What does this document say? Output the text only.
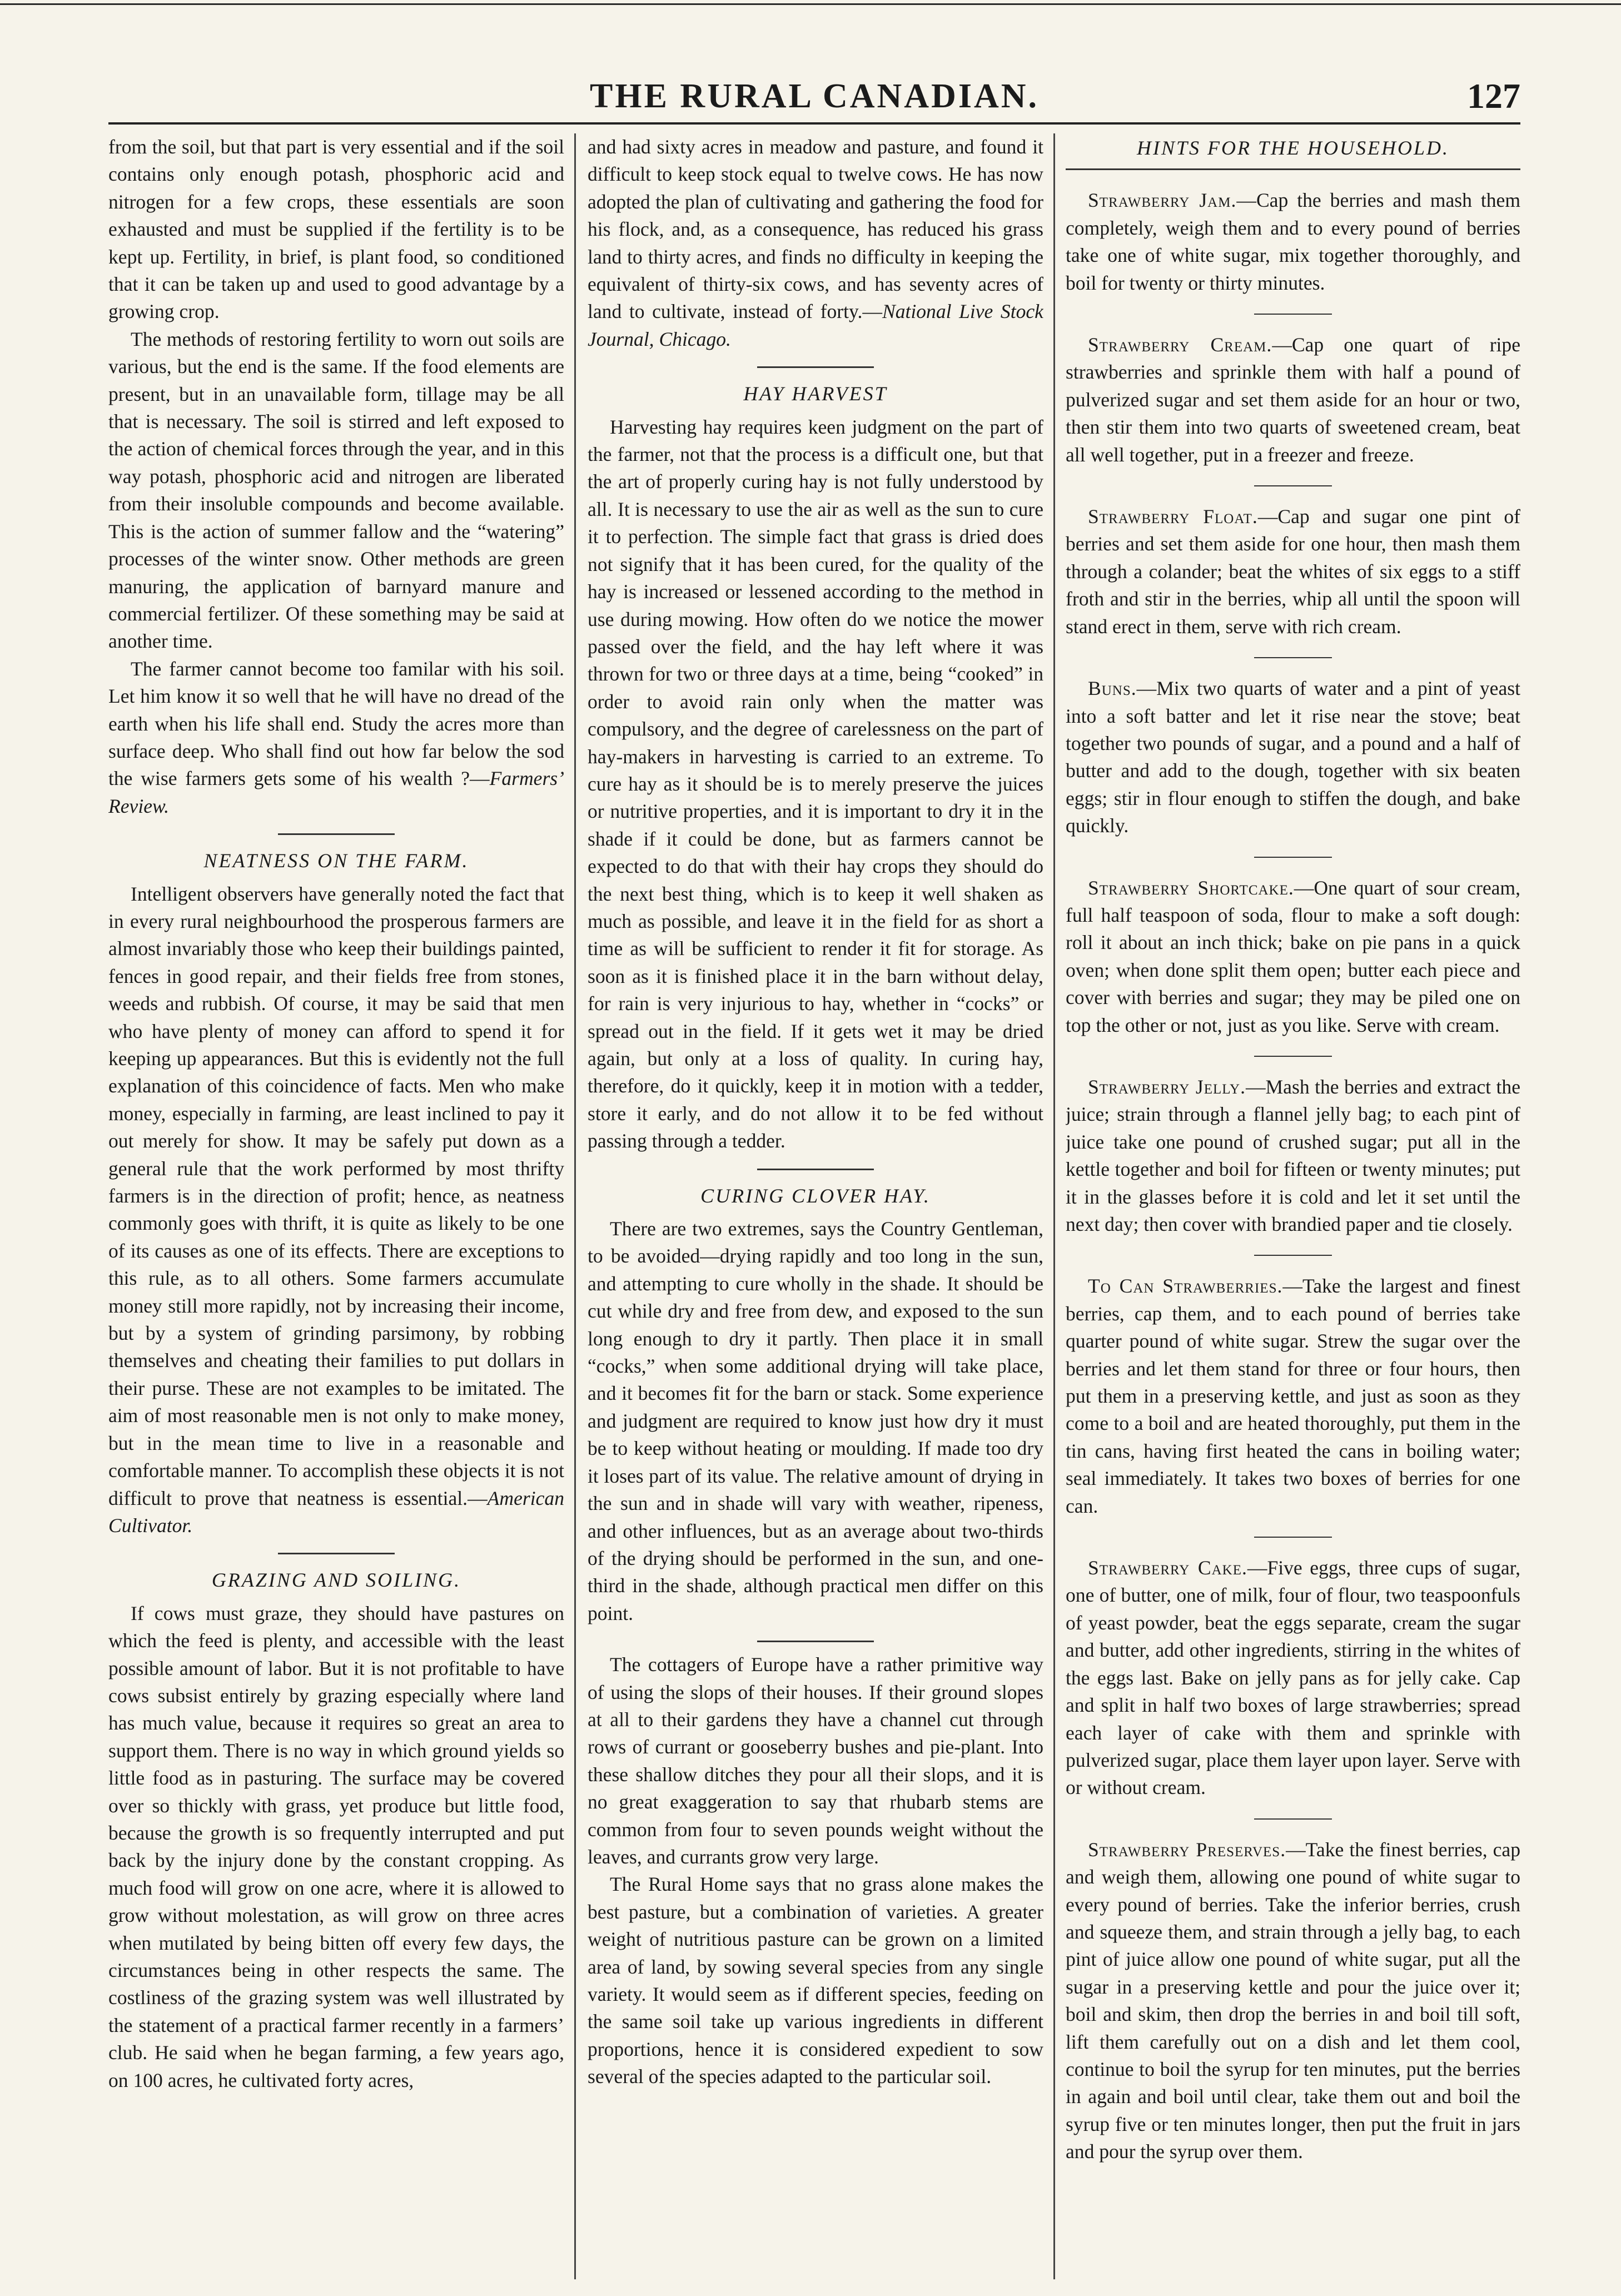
THE RURAL CANADIAN.	127

from the soil, but that part is very essential and if the soil contains only enough potash, phosphoric acid and nitrogen for a few crops, these essentials are soon exhausted and must be supplied if the fertility is to be kept up. Fertility, in brief, is plant food, so conditioned that it can be taken up and used to good advantage by a growing crop.

The methods of restoring fertility to worn out soils are various, but the end is the same. If the food elements are present, but in an unavailable form, tillage may be all that is necessary. The soil is stirred and left exposed to the action of chemical forces through the year, and in this way potash, phosphoric acid and nitrogen are liberated from their insoluble compounds and become available. This is the action of summer fallow and the “watering” processes of the winter snow. Other methods are green manuring, the application of barnyard manure and commercial fertilizer. Of these something may be said at another time.

The farmer cannot become too familar with his soil. Let him know it so well that he will have no dread of the earth when his life shall end. Study the acres more than surface deep. Who shall find out how far below the sod the wise farmers gets some of his wealth ?—Farmers’ Review.

NEATNESS ON THE FARM.

Intelligent observers have generally noted the fact that in every rural neighbourhood the prosperous farmers are almost invariably those who keep their buildings painted, fences in good repair, and their fields free from stones, weeds and rubbish. Of course, it may be said that men who have plenty of money can afford to spend it for keeping up appearances. But this is evidently not the full explanation of this coincidence of facts. Men who make money, especially in farming, are least inclined to pay it out merely for show. It may be safely put down as a general rule that the work performed by most thrifty farmers is in the direction of profit; hence, as neatness commonly goes with thrift, it is quite as likely to be one of its causes as one of its effects. There are exceptions to this rule, as to all others. Some farmers accumulate money still more rapidly, not by increasing their income, but by a system of grinding parsimony, by robbing themselves and cheating their families to put dollars in their purse. These are not examples to be imitated. The aim of most reasonable men is not only to make money, but in the mean time to live in a reasonable and comfortable manner. To accomplish these objects it is not difficult to prove that neatness is essential.—American Cultivator.

GRAZING AND SOILING.

If cows must graze, they should have pastures on which the feed is plenty, and accessible with the least possible amount of labor. But it is not profitable to have cows subsist entirely by grazing especially where land has much value, because it requires so great an area to support them. There is no way in which ground yields so little food as in pasturing. The surface may be covered over so thickly with grass, yet produce but little food, because the growth is so frequently interrupted and put back by the injury done by the constant cropping. As much food will grow on one acre, where it is allowed to grow without molestation, as will grow on three acres when mutilated by being bitten off every few days, the circumstances being in other respects the same. The costliness of the grazing system was well illustrated by the statement of a practical farmer recently in a farmers’ club. He said when he began farming, a few years ago, on 100 acres, he cultivated forty acres,

and had sixty acres in meadow and pasture, and found it difficult to keep stock equal to twelve cows. He has now adopted the plan of cultivating and gathering the food for his flock, and, as a consequence, has reduced his grass land to thirty acres, and finds no difficulty in keeping the equivalent of thirty-six cows, and has seventy acres of land to cultivate, instead of forty.—National Live Stock Journal, Chicago.

HAY HARVEST

Harvesting hay requires keen judgment on the part of the farmer, not that the process is a difficult one, but that the art of properly curing hay is not fully understood by all. It is necessary to use the air as well as the sun to cure it to perfection. The simple fact that grass is dried does not signify that it has been cured, for the quality of the hay is increased or lessened according to the method in use during mowing. How often do we notice the mower passed over the field, and the hay left where it was thrown for two or three days at a time, being “cooked” in order to avoid rain only when the matter was compulsory, and the degree of carelessness on the part of hay-makers in harvesting is carried to an extreme. To cure hay as it should be is to merely preserve the juices or nutritive properties, and it is important to dry it in the shade if it could be done, but as farmers cannot be expected to do that with their hay crops they should do the next best thing, which is to keep it well shaken as much as possible, and leave it in the field for as short a time as will be sufficient to render it fit for storage. As soon as it is finished place it in the barn without delay, for rain is very injurious to hay, whether in “cocks” or spread out in the field. If it gets wet it may be dried again, but only at a loss of quality. In curing hay, therefore, do it quickly, keep it in motion with a tedder, store it early, and do not allow it to be fed without passing through a tedder.

CURING CLOVER HAY.

There are two extremes, says the Country Gentleman, to be avoided—drying rapidly and too long in the sun, and attempting to cure wholly in the shade. It should be cut while dry and free from dew, and exposed to the sun long enough to dry it partly. Then place it in small “cocks,” when some additional drying will take place, and it becomes fit for the barn or stack. Some experience and judgment are required to know just how dry it must be to keep without heating or moulding. If made too dry it loses part of its value. The relative amount of drying in the sun and in shade will vary with weather, ripeness, and other influences, but as an average about two-thirds of the drying should be performed in the sun, and one-third in the shade, although practical men differ on this point.

The cottagers of Europe have a rather primitive way of using the slops of their houses. If their ground slopes at all to their gardens they have a channel cut through rows of currant or gooseberry bushes and pie-plant. Into these shallow ditches they pour all their slops, and it is no great exaggeration to say that rhubarb stems are common from four to seven pounds weight without the leaves, and currants grow very large.

The Rural Home says that no grass alone makes the best pasture, but a combination of varieties. A greater weight of nutritious pasture can be grown on a limited area of land, by sowing several species from any single variety. It would seem as if different species, feeding on the same soil take up various ingredients in different proportions, hence it is considered expedient to sow several of the species adapted to the particular soil.

HINTS FOR THE HOUSEHOLD.

Strawberry Jam.—Cap the berries and mash them completely, weigh them and to every pound of berries take one of white sugar, mix together thoroughly, and boil for twenty or thirty minutes.

Strawberry Cream.—Cap one quart of ripe strawberries and sprinkle them with half a pound of pulverized sugar and set them aside for an hour or two, then stir them into two quarts of sweetened cream, beat all well together, put in a freezer and freeze.

Strawberry Float.—Cap and sugar one pint of berries and set them aside for one hour, then mash them through a colander; beat the whites of six eggs to a stiff froth and stir in the berries, whip all until the spoon will stand erect in them, serve with rich cream.

Buns.—Mix two quarts of water and a pint of yeast into a soft batter and let it rise near the stove; beat together two pounds of sugar, and a pound and a half of butter and add to the dough, together with six beaten eggs; stir in flour enough to stiffen the dough, and bake quickly.

Strawberry Shortcake.—One quart of sour cream, full half teaspoon of soda, flour to make a soft dough: roll it about an inch thick; bake on pie pans in a quick oven; when done split them open; butter each piece and cover with berries and sugar; they may be piled one on top the other or not, just as you like. Serve with cream.

Strawberry Jelly.—Mash the berries and extract the juice; strain through a flannel jelly bag; to each pint of juice take one pound of crushed sugar; put all in the kettle together and boil for fifteen or twenty minutes; put it in the glasses before it is cold and let it set until the next day; then cover with brandied paper and tie closely.

To Can Strawberries.—Take the largest and finest berries, cap them, and to each pound of berries take quarter pound of white sugar. Strew the sugar over the berries and let them stand for three or four hours, then put them in a preserving kettle, and just as soon as they come to a boil and are heated thoroughly, put them in the tin cans, having first heated the cans in boiling water; seal immediately. It takes two boxes of berries for one can.

Strawberry Cake.—Five eggs, three cups of sugar, one of butter, one of milk, four of flour, two teaspoonfuls of yeast powder, beat the eggs separate, cream the sugar and butter, add other ingredients, stirring in the whites of the eggs last. Bake on jelly pans as for jelly cake. Cap and split in half two boxes of large strawberries; spread each layer of cake with them and sprinkle with pulverized sugar, place them layer upon layer. Serve with or without cream.

Strawberry Preserves.—Take the finest berries, cap and weigh them, allowing one pound of white sugar to every pound of berries. Take the inferior berries, crush and squeeze them, and strain through a jelly bag, to each pint of juice allow one pound of white sugar, put all the sugar in a preserving kettle and pour the juice over it; boil and skim, then drop the berries in and boil till soft, lift them carefully out on a dish and let them cool, continue to boil the syrup for ten minutes, put the berries in again and boil until clear, take them out and boil the syrup five or ten minutes longer, then put the fruit in jars and pour the syrup over them.
